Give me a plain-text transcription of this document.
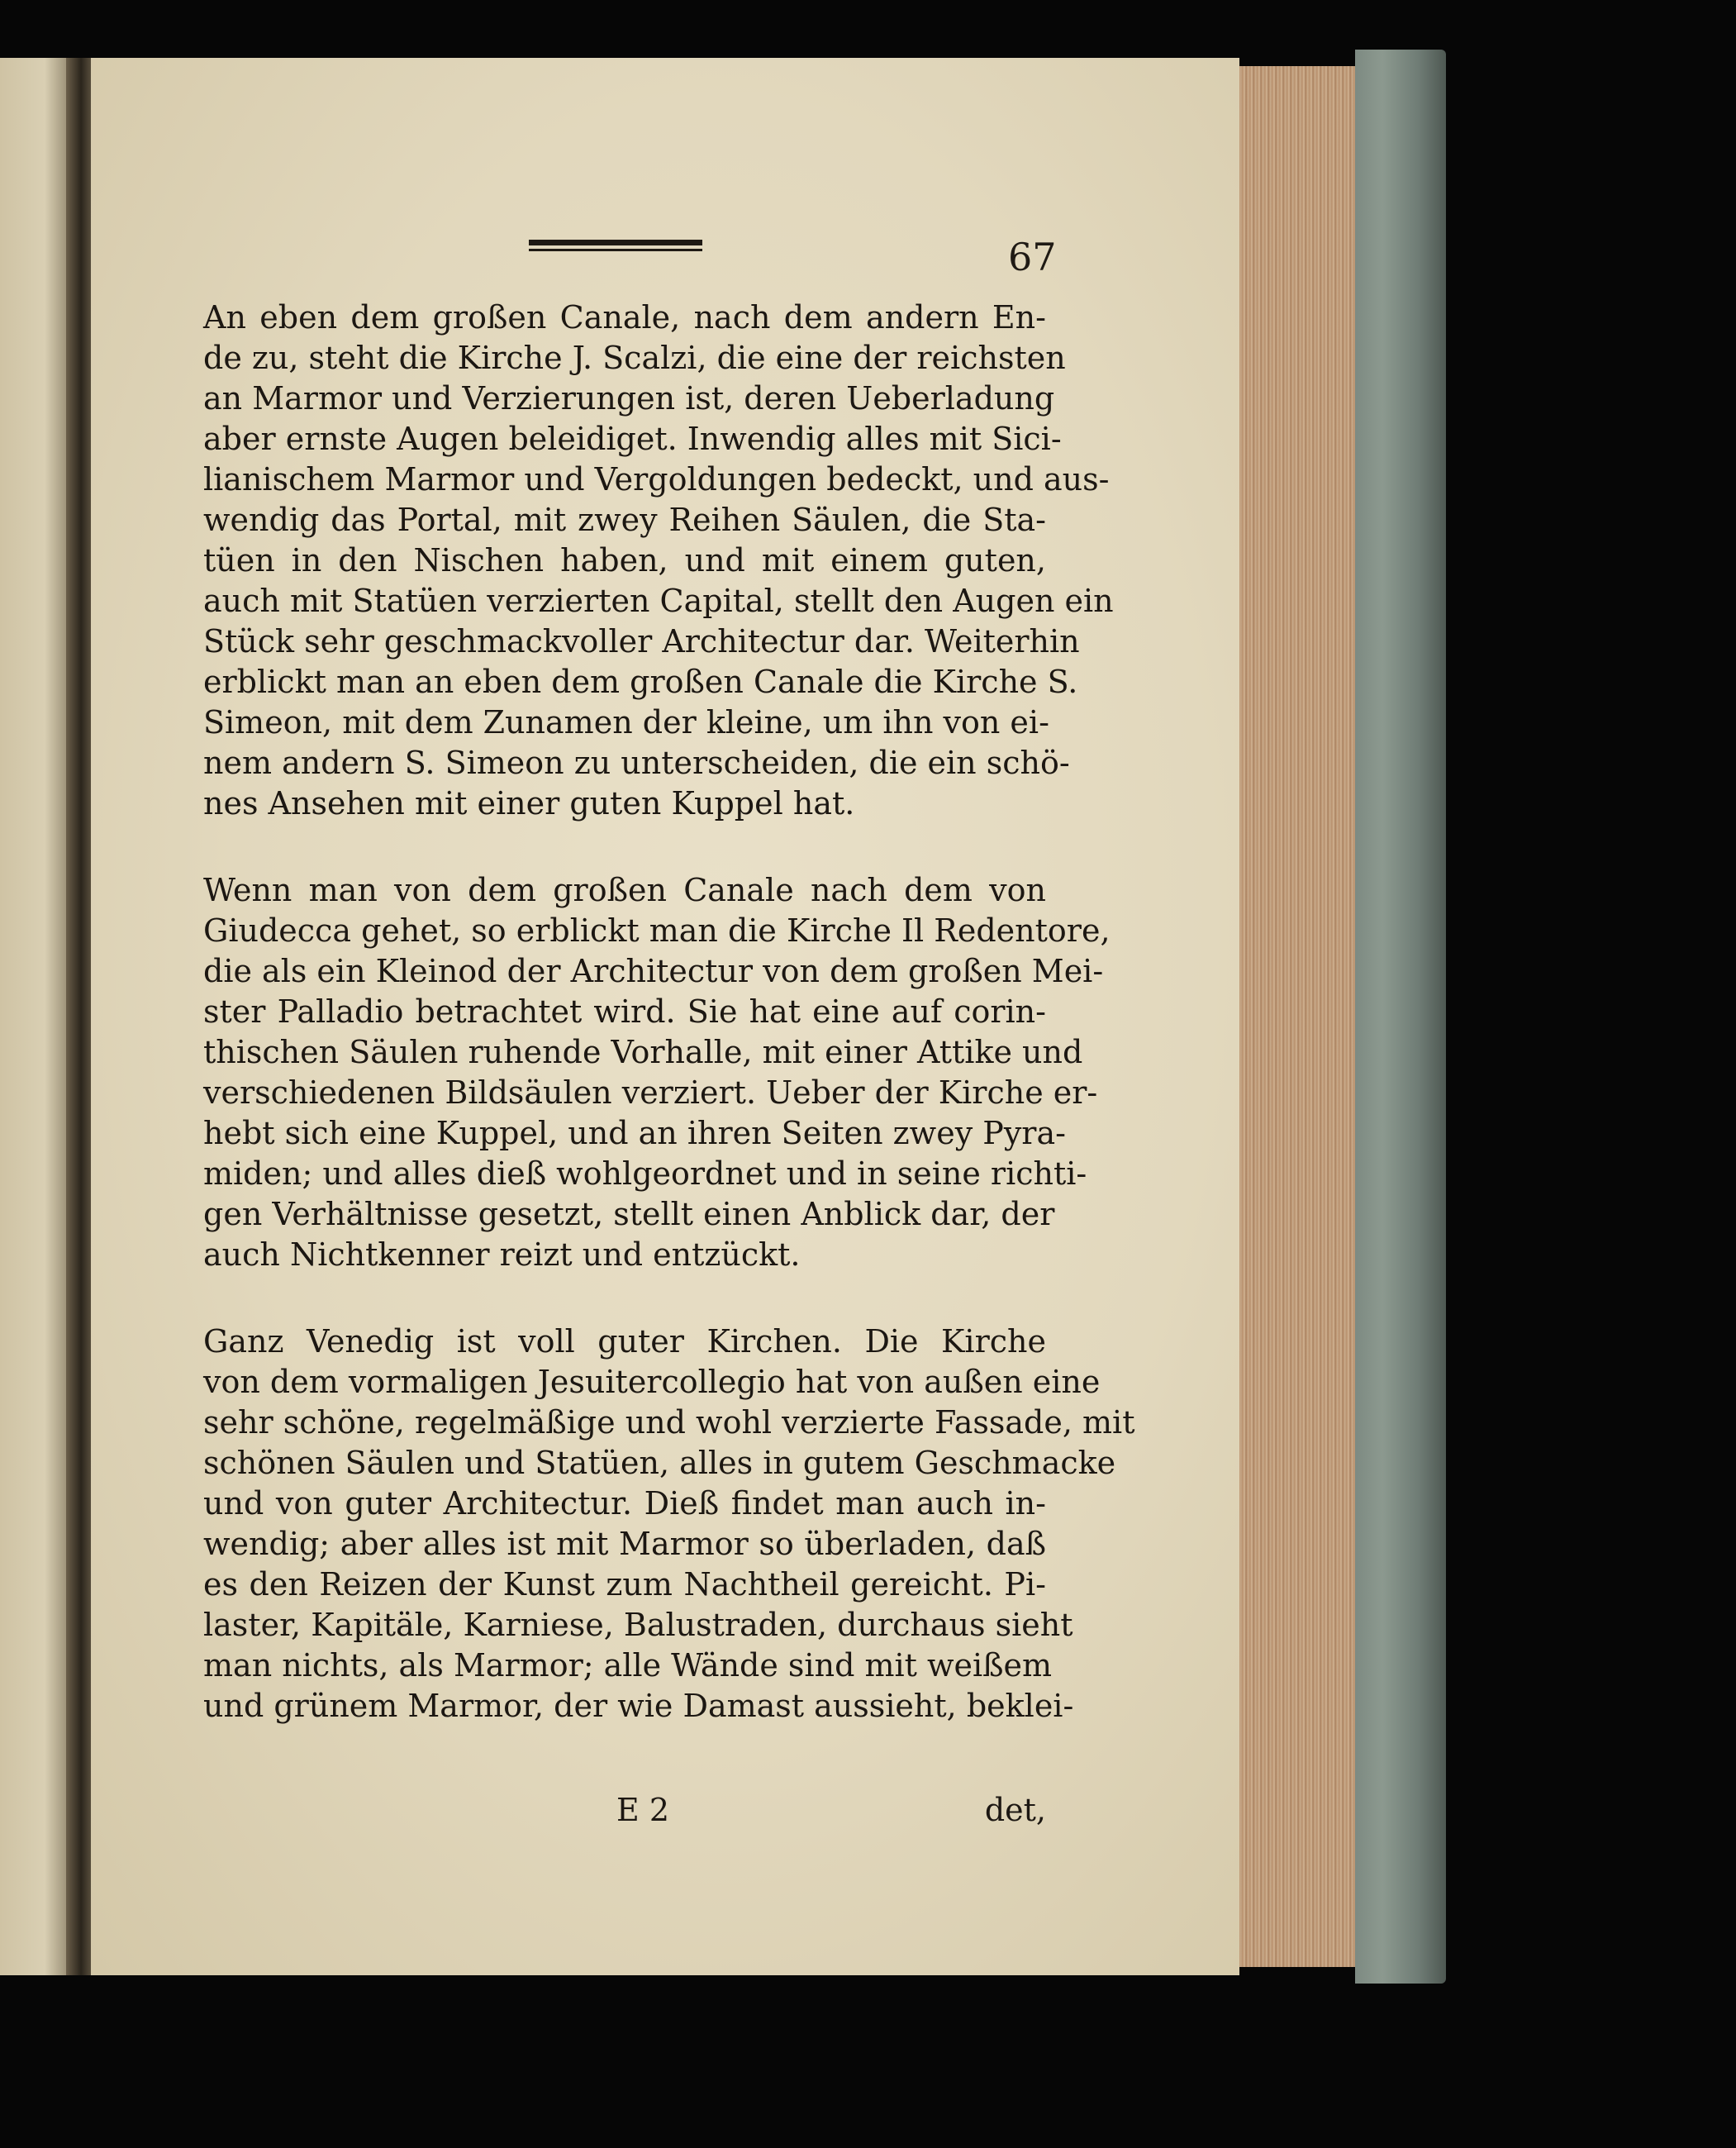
67
An eben dem großen Canale, nach dem andern En-
de zu, steht die Kirche J. Scalzi, die eine der reichsten
an Marmor und Verzierungen ist, deren Ueberladung
aber ernste Augen beleidiget. Inwendig alles mit Sici-
lianischem Marmor und Vergoldungen bedeckt, und aus-
wendig das Portal, mit zwey Reihen Säulen, die Sta-
tüen in den Nischen haben, und mit einem guten,
auch mit Statüen verzierten Capital, stellt den Augen ein
Stück sehr geschmackvoller Architectur dar. Weiterhin
erblickt man an eben dem großen Canale die Kirche S.
Simeon, mit dem Zunamen der kleine, um ihn von ei-
nem andern S. Simeon zu unterscheiden, die ein schö-
nes Ansehen mit einer guten Kuppel hat.
Wenn man von dem großen Canale nach dem von
Giudecca gehet, so erblickt man die Kirche Il Redentore,
die als ein Kleinod der Architectur von dem großen Mei-
ster Palladio betrachtet wird. Sie hat eine auf corin-
thischen Säulen ruhende Vorhalle, mit einer Attike und
verschiedenen Bildsäulen verziert. Ueber der Kirche er-
hebt sich eine Kuppel, und an ihren Seiten zwey Pyra-
miden; und alles dieß wohlgeordnet und in seine richti-
gen Verhältnisse gesetzt, stellt einen Anblick dar, der
auch Nichtkenner reizt und entzückt.
Ganz Venedig ist voll guter Kirchen. Die Kirche
von dem vormaligen Jesuitercollegio hat von außen eine
sehr schöne, regelmäßige und wohl verzierte Fassade, mit
schönen Säulen und Statüen, alles in gutem Geschmacke
und von guter Architectur. Dieß findet man auch in-
wendig; aber alles ist mit Marmor so überladen, daß
es den Reizen der Kunst zum Nachtheil gereicht. Pi-
laster, Kapitäle, Karniese, Balustraden, durchaus sieht
man nichts, als Marmor; alle Wände sind mit weißem
und grünem Marmor, der wie Damast aussieht, beklei-
E 2	det,
